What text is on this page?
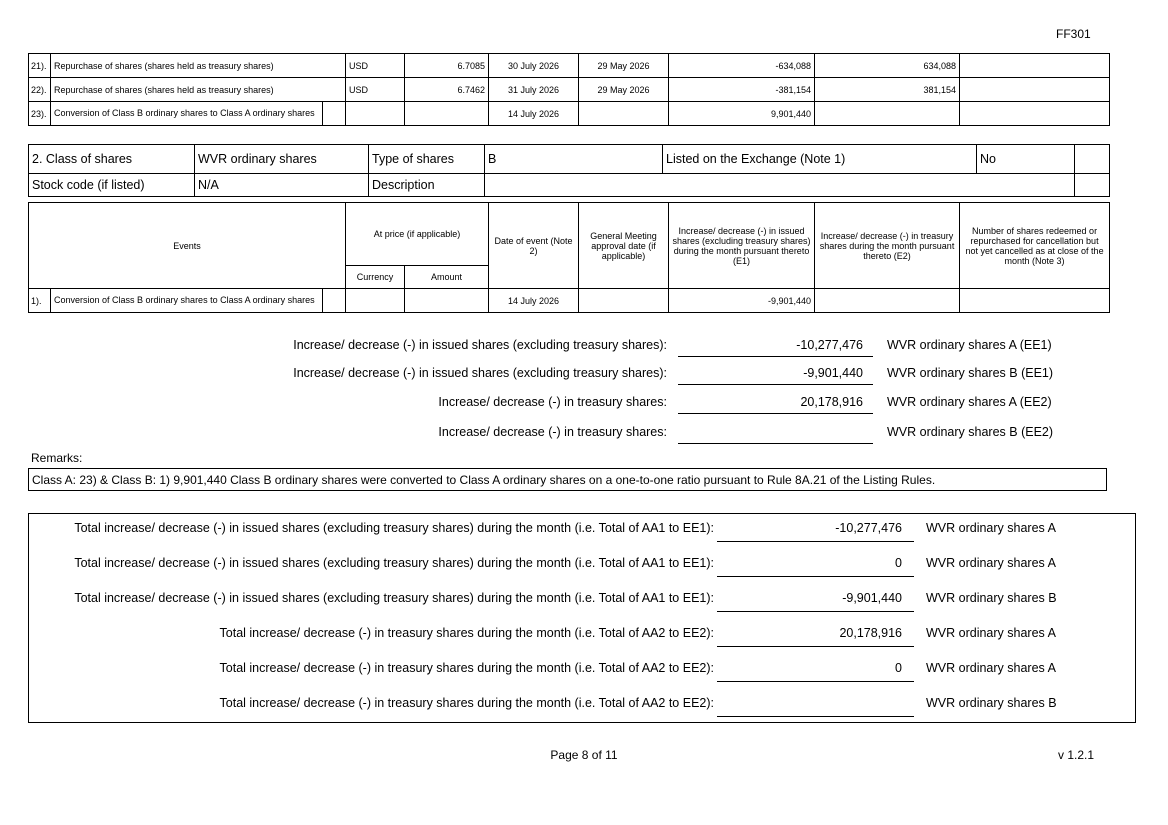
FF301
21).	Repurchase of shares (shares held as treasury shares)		USD	6.7085	30 July 2026	29 May 2026	-634,088	634,088	
22).	Repurchase of shares (shares held as treasury shares)		USD	6.7462	31 July 2026	29 May 2026	-381,154	381,154	
23).	Conversion of Class B ordinary shares to Class A ordinary shares				14 July 2026		9,901,440		
2. Class of shares	WVR ordinary shares	Type of shares	B	Listed on the Exchange (Note 1)	No	
Stock code (if listed)	N/A	Description				
Events			At price (if applicable)		Date of event (Note 2)	General Meeting approval date (if applicable)	Increase/ decrease (-) in issued shares (excluding treasury shares) during the month pursuant thereto (E1)	Increase/ decrease (-) in treasury shares during the month pursuant thereto (E2)	Number of shares redeemed or repurchased for cancellation but not yet cancelled as at close of the month (Note 3)
			Currency	Amount					
1).	Conversion of Class B ordinary shares to Class A ordinary shares				14 July 2026		-9,901,440		
Increase/ decrease (-) in issued shares (excluding treasury shares):	-10,277,476 WVR ordinary shares A (EE1)
Increase/ decrease (-) in issued shares (excluding treasury shares):	-9,901,440 WVR ordinary shares B (EE1)
Increase/ decrease (-) in treasury shares:	20,178,916 WVR ordinary shares A (EE2)
Increase/ decrease (-) in treasury shares:	WVR ordinary shares B (EE2)
Remarks:
Class A: 23) & Class B: 1) 9,901,440 Class B ordinary shares were converted to Class A ordinary shares on a one-to-one ratio pursuant to Rule 8A.21 of the Listing Rules.
Total increase/ decrease (-) in issued shares (excluding treasury shares) during the month (i.e. Total of AA1 to EE1):	-10,277,476 WVR ordinary shares A
Total increase/ decrease (-) in issued shares (excluding treasury shares) during the month (i.e. Total of AA1 to EE1):	0 WVR ordinary shares A
Total increase/ decrease (-) in issued shares (excluding treasury shares) during the month (i.e. Total of AA1 to EE1):	-9,901,440 WVR ordinary shares B
Total increase/ decrease (-) in treasury shares during the month (i.e. Total of AA2 to EE2):	20,178,916 WVR ordinary shares A
Total increase/ decrease (-) in treasury shares during the month (i.e. Total of AA2 to EE2):	0 WVR ordinary shares A
Total increase/ decrease (-) in treasury shares during the month (i.e. Total of AA2 to EE2):	WVR ordinary shares B
Page 8 of 11	v 1.2.1
